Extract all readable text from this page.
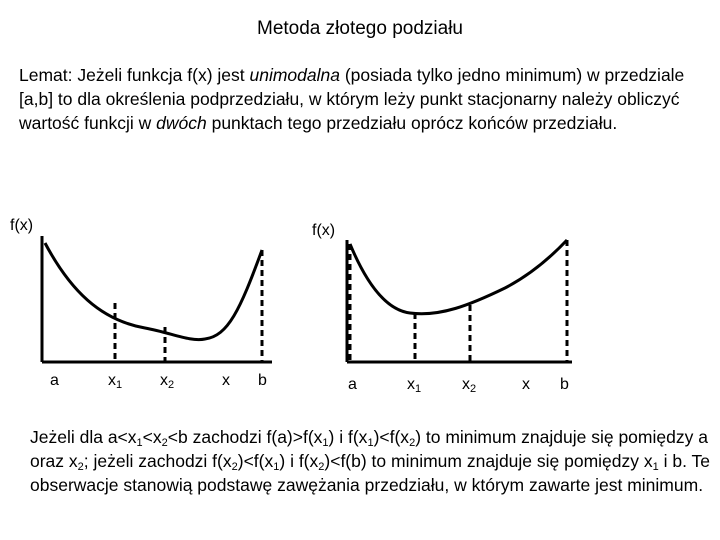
Metoda złotego podziału
Lemat: Jeżeli funkcja f(x) jest unimodalna (posiada tylko jedno minimum) w przedziale [a,b] to dla określenia podprzedziału, w którym leży punkt stacjonarny należy obliczyć wartość funkcji w dwóch punktach tego przedziału oprócz końców przedziału.
f(x)
a	$x_1$ $x_2$	x b
f(x)
a	$x_1$	$x_2$	x b
Jeżeli dla $a<x_1<x_2<b$ zachodzi $f(a)>f(x_1)$ i $f(x_1)<f(x_2)$ to minimum znajduje się pomiędzy a oraz $x_2$; jeżeli zachodzi $f(x_2)<f(x_1)$ i $f(x_2)<f(b)$ to minimum znajduje się pomiędzy $x_1$ i b. Te obserwacje stanowią podstawę zawężania przedziału, w którym zawarte jest minimum.
